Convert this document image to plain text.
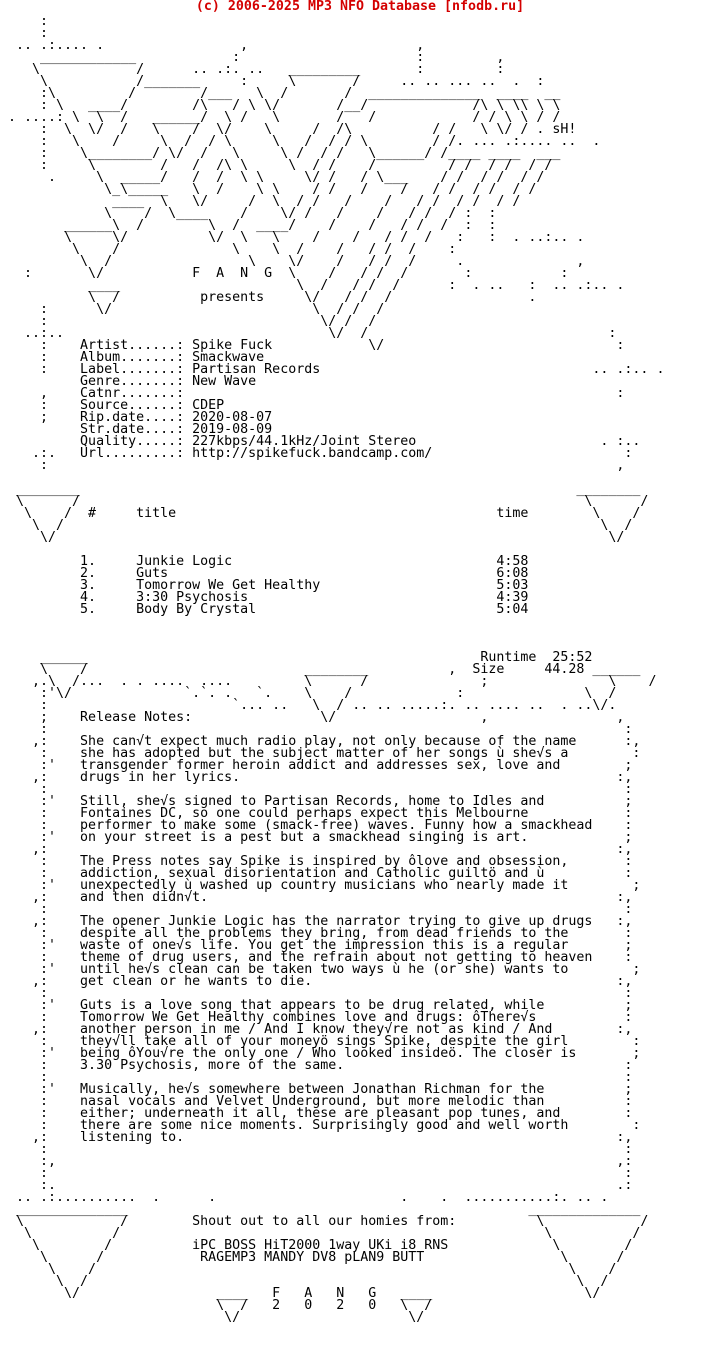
(c) 2006-2025 MP3 NFO Database [nfodb.ru]
:
:
.. .:.... .                 ,                     ,
____________            :                      :         ,
\            /      .. .:. ..   _________       :         :
\           /_______     :     \       /     .. .. ... ..  .  :
:\         /        /___   \  /       /  ______________  ____  __
: \   ____/        /\   / \ \/       /__/             /\ \ \\ \ \
. ....: \  \  /   ______/  \ /   \       /   /            / / \ \ / /
:  \  \/  /   \    /  \/    \     /  /\          / /   \ \/ / . sH!
:   \    /     \  /  / \     \   /  / / \        / /. ... .:.... ..  .
:    \________/ \/  /   \     \ /  / /   \______/ /____ ____  ___
:     \        /   /  /\ \     \  / /    /         / /  / /  / /
.     \  _____/   /  /  \ \     \/ /   / \___    / /  / /  / /
\_\_____   \  /    \ \    / /   /    /   / /  / /  / /
____  \   \/     /  \  / /   /    /   / /  / /  / /
\    /  \____    /    \/ /   /    /   / /  / :  :
______\  /        \  /  ____/    /    /   / /  /  :  :
\     \/          \/  \   \    /    /   / /  /   :   :  . ..:.. .
\    /              \    \  /    /   / /  /    :
\  /                 \    \/    /   / /  /     .              ,
:       \/           F  A  N  G  \    /   / /  /       :           :
____                      \  /   / /  /      :  . ..   :  .. .:.. .
\  /          presents     \/   / /  /                 .
:      \/                         \  / /  /
:                                  \/ /  /
..:..                                 \/  /                              :
:    Artist......: Spike Fuck            \/                             :
:    Album.......: Smackwave
:    Label.......: Partisan Records                                  .. .:.. .
Genre.......: New Wave
,    Catnr.......:                                                      :
:    Source......: CDEP
;    Rip.date....: 2020-08-07
Str.date....: 2019-08-09
Quality.....: 227kbps/44.1kHz/Joint Stereo                       . :..
.:.   Url.........: http://spikefuck.bandcamp.com/                        :
:                                                                       ,
________                                                              ________
\      /                                                               \      /
\    /  #     title                                        time        \    /
\  /                                                                   \  /
\/                                                                     \/
1.     Junkie Logic                                 4:58
2.     Guts                                         6:08
3.     Tomorrow We Get Healthy                      5:03
4.     3:30 Psychosis                               4:39
5.     Body By Crystal                              5:04
______                                                 Runtime  25:52
\    /                           ________          ,  Size     44.28 ______
,.\  /...  . . ....  ....         \      /              ;               \    /
:'\/              `.`. .   `.    \    /             :               \  /
:                       `... ..   \  / .. .. .....:. .. .... ..  . ..\/.
;    Release Notes:                \/                  ,                ,
:                                                                        :
,:    She can√t expect much radio play, not only because of the name      :,
:    she has adopted but the subject matter of her songs ù she√s a        :
:'   transgender former heroin addict and addresses sex, love and        ;
,:    drugs in her lyrics.                                               :,
:                                                                        :
:'   Still, she√s signed to Partisan Records, home to Idles and          ;
:    Fontaines DC, so one could perhaps expect this Melbourne            :
:    performer to make some (smack-free) waves. Funny how a smackhead    :
:'   on your street is a pest but a smackhead singing is art.            ;
,:                                                                       :,
:    The Press notes say Spike is inspired by ôlove and obsession,       :
:    addiction, sexual disorientation and Catholic guiltö and ù          :
:'   unexpectedly ù washed up country musicians who nearly made it        ;
,:    and then didn√t.                                                   :,
:                                                                        :
,:    The opener Junkie Logic has the narrator trying to give up drugs   :,
:    despite all the problems they bring, from dead friends to the       :
:'   waste of one√s life. You get the impression this is a regular       ;
:    theme of drug users, and the refrain about not getting to heaven    :
:'   until he√s clean can be taken two ways ù he (or she) wants to        ;
,:    get clean or he wants to die.                                      :,
:                                                                        :
:'   Guts is a love song that appears to be drug related, while          ;
:    Tomorrow We Get Healthy combines love and drugs: ôThere√s           :
,:    another person in me / And I know they√re not as kind / And        :,
:    they√ll take all of your moneyö sings Spike, despite the girl        :
:'   being ôYou√re the only one / Who looked insideö. The closer is       ;
:    3.30 Psychosis, more of the same.                                   :
:                                                                        :
:'   Musically, he√s somewhere between Jonathan Richman for the          ;
:    nasal vocals and Velvet Underground, but more melodic than          :
:    either; underneath it all, these are pleasant pop tunes, and        :
:    there are some nice moments. Surprisingly good and well worth        :
,:    listening to.                                                      :,
:                                                                        :
:,                                                                      ,:
:                                                                        :
:.                                                                      .:
.. .:..........  .      .                       .    .  ...........:. .. .
______________                                                  ______________
\            /        Shout out to all our homies from:          \            /
\          /                                                     \          /
\        /          iPC BOSS HiT2000 1way UKi i8 RNS             \        /
\      /            RAGEMP3 MANDY DV8 pLAN9 BUTT                 \      /
\    /                                                           \    /
\  /                                                             \  /
\/                 ____   F   A   N   G   ____                   \/
\  /   2   0   2   0   \  /
\/                     \/
